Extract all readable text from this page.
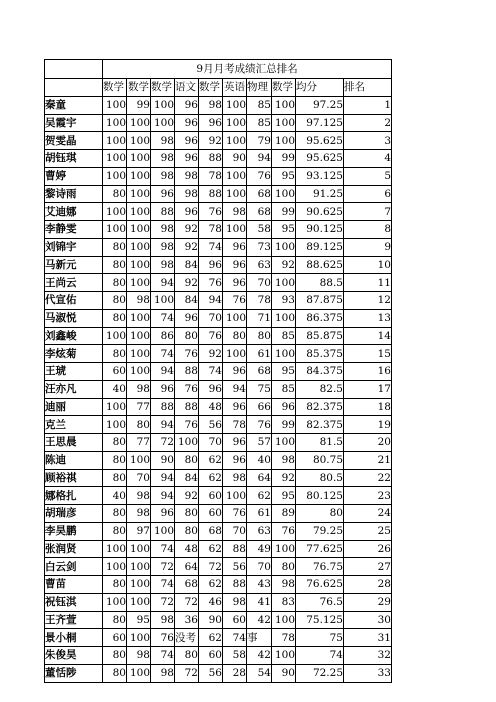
	9月月考成绩汇总排名									
	数学	数学	数学	语文	数学	英语	物理	数学	均分	排名
秦童	100	99	100	96	98	100	85	100	97.25	1
吴霞宇	100	100	100	96	96	100	85	100	97.125	2
贺雯晶	100	100	98	96	92	100	79	100	95.625	3
胡钰琪	100	100	98	96	88	90	94	99	95.625	4
曹婷	100	100	98	98	78	100	76	95	93.125	5
黎诗雨	80	100	96	98	88	100	68	100	91.25	6
艾迪娜	100	100	88	96	76	98	68	99	90.625	7
李静雯	100	100	98	92	78	100	58	95	90.125	8
刘锦宇	80	100	98	92	74	96	73	100	89.125	9
马新元	80	100	98	84	96	96	63	92	88.625	10
王尚云	80	100	94	92	76	96	70	100	88.5	11
代宣佑	80	98	100	84	94	76	78	93	87.875	12
马淑悦	80	100	74	96	70	100	71	100	86.375	13
刘鑫峻	100	100	86	80	76	80	80	85	85.875	14
李炫菊	80	100	74	76	92	100	61	100	85.375	15
王琥	60	100	94	88	74	96	68	95	84.375	16
汪亦凡	40	98	96	76	96	94	75	85	82.5	17
迪丽	100	77	88	88	48	96	66	96	82.375	18
克兰	100	80	94	76	56	78	76	99	82.375	19
王思晨	80	77	72	100	70	96	57	100	81.5	20
陈迪	80	100	90	80	62	96	40	98	80.75	21
顾裕祺	80	70	94	84	62	98	64	92	80.5	22
娜格扎	40	98	94	92	60	100	62	95	80.125	23
胡瑞彦	80	98	96	80	60	76	61	89	80	24
李昊鹏	80	97	100	80	68	70	63	76	79.25	25
张润贤	100	100	74	48	62	88	49	100	77.625	26
白云剑	100	100	72	64	72	56	70	80	76.75	27
曹苗	80	100	74	68	62	88	43	98	76.625	28
祝钰淇	100	100	72	72	46	98	41	83	76.5	29
王齐萱	80	95	98	36	90	60	42	100	75.125	30
景小桐	60	100	76	没考	62	74	事	78	75	31
朱俊昊	80	98	74	80	60	58	42	100	74	32
董恬陟	80	100	98	72	56	28	54	90	72.25	33
